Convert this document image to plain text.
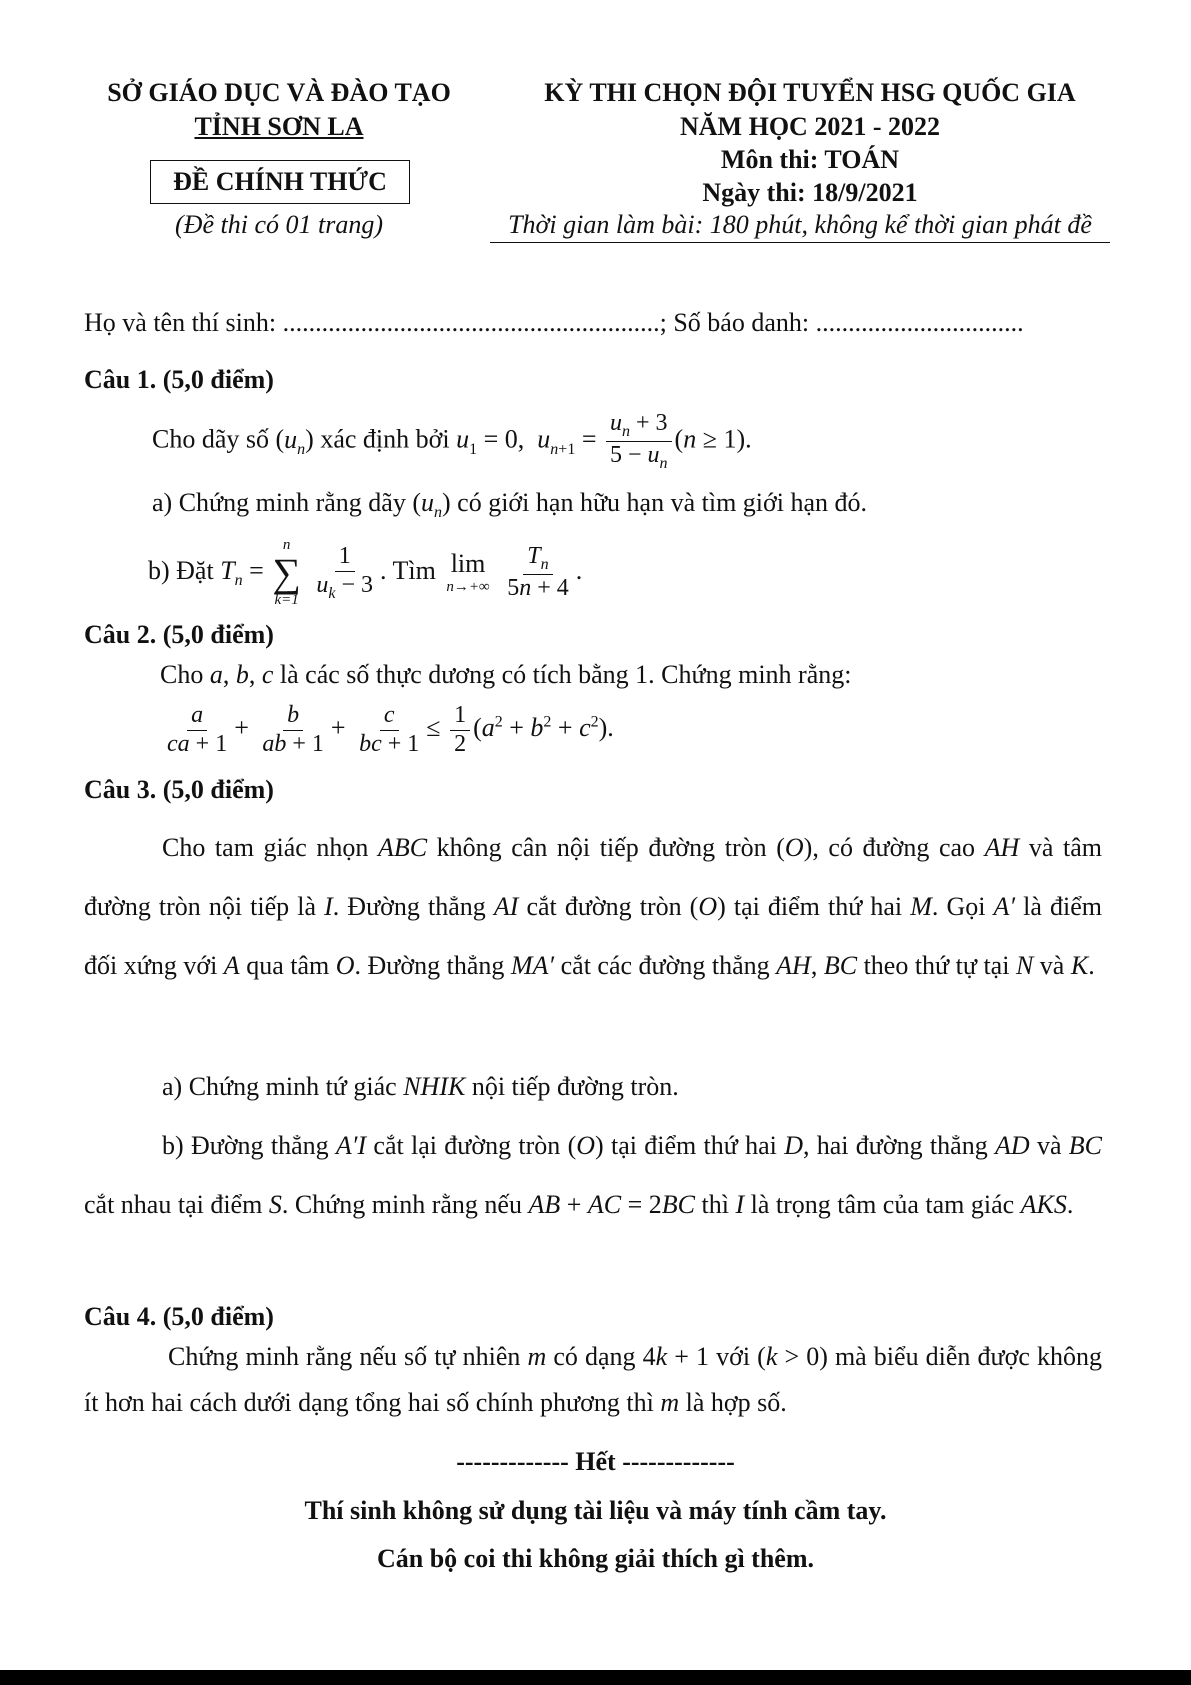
SỞ GIÁO DỤC VÀ ĐÀO TẠO
TỈNH SƠN LA
ĐỀ CHÍNH THỨC
(Đề thi có 01 trang)
KỲ THI CHỌN ĐỘI TUYỂN HSG QUỐC GIA
NĂM HỌC 2021 - 2022
Môn thi: TOÁN
Ngày thi: 18/9/2021
Thời gian làm bài: 180 phút, không kể thời gian phát đề
Họ và tên thí sinh: ..........................................................; Số báo danh: ................................
Câu 1. (5,0 điểm)
Cho dãy số $(u_n)$ xác định bởi $u_1 = 0$,  $u_{n+1} = \frac{u_n + 3}{5 - u_n} (n \ge 1)$.
a) Chứng minh rằng dãy $(u_n)$ có giới hạn hữu hạn và tìm giới hạn đó.
b) Đặt $T_n$ =
n
∑
k=1
$\frac{1}{u_k - 3}$ . Tìm lim
n→+∞
$\frac{T_n}{5n + 4}$ .
Câu 2. (5,0 điểm)
Cho a, b, c là các số thực dương có tích bằng 1. Chứng minh rằng:
$\frac{a}{ca + 1} + \frac{b}{ab + 1} + \frac{c}{bc + 1} \le \frac{1}{2} (a^2 + b^2 + c^2)$.
Câu 3. (5,0 điểm)
Cho tam giác nhọn ABC không cân nội tiếp đường tròn (O), có đường cao AH và tâm đường tròn nội tiếp là I. Đường thẳng AI cắt đường tròn (O) tại điểm thứ hai M. Gọi A′ là điểm đối xứng với A qua tâm O. Đường thẳng MA′ cắt các đường thẳng AH, BC theo thứ tự tại N và K.
a) Chứng minh tứ giác NHIK nội tiếp đường tròn.
b) Đường thẳng A′I cắt lại đường tròn (O) tại điểm thứ hai D, hai đường thẳng AD và BC cắt nhau tại điểm S. Chứng minh rằng nếu AB + AC = 2BC thì I là trọng tâm của tam giác AKS.
Câu 4. (5,0 điểm)
Chứng minh rằng nếu số tự nhiên m có dạng 4k + 1 với (k > 0) mà biểu diễn được không ít hơn hai cách dưới dạng tổng hai số chính phương thì m là hợp số.
------------- Hết -------------
Thí sinh không sử dụng tài liệu và máy tính cầm tay.
Cán bộ coi thi không giải thích gì thêm.
